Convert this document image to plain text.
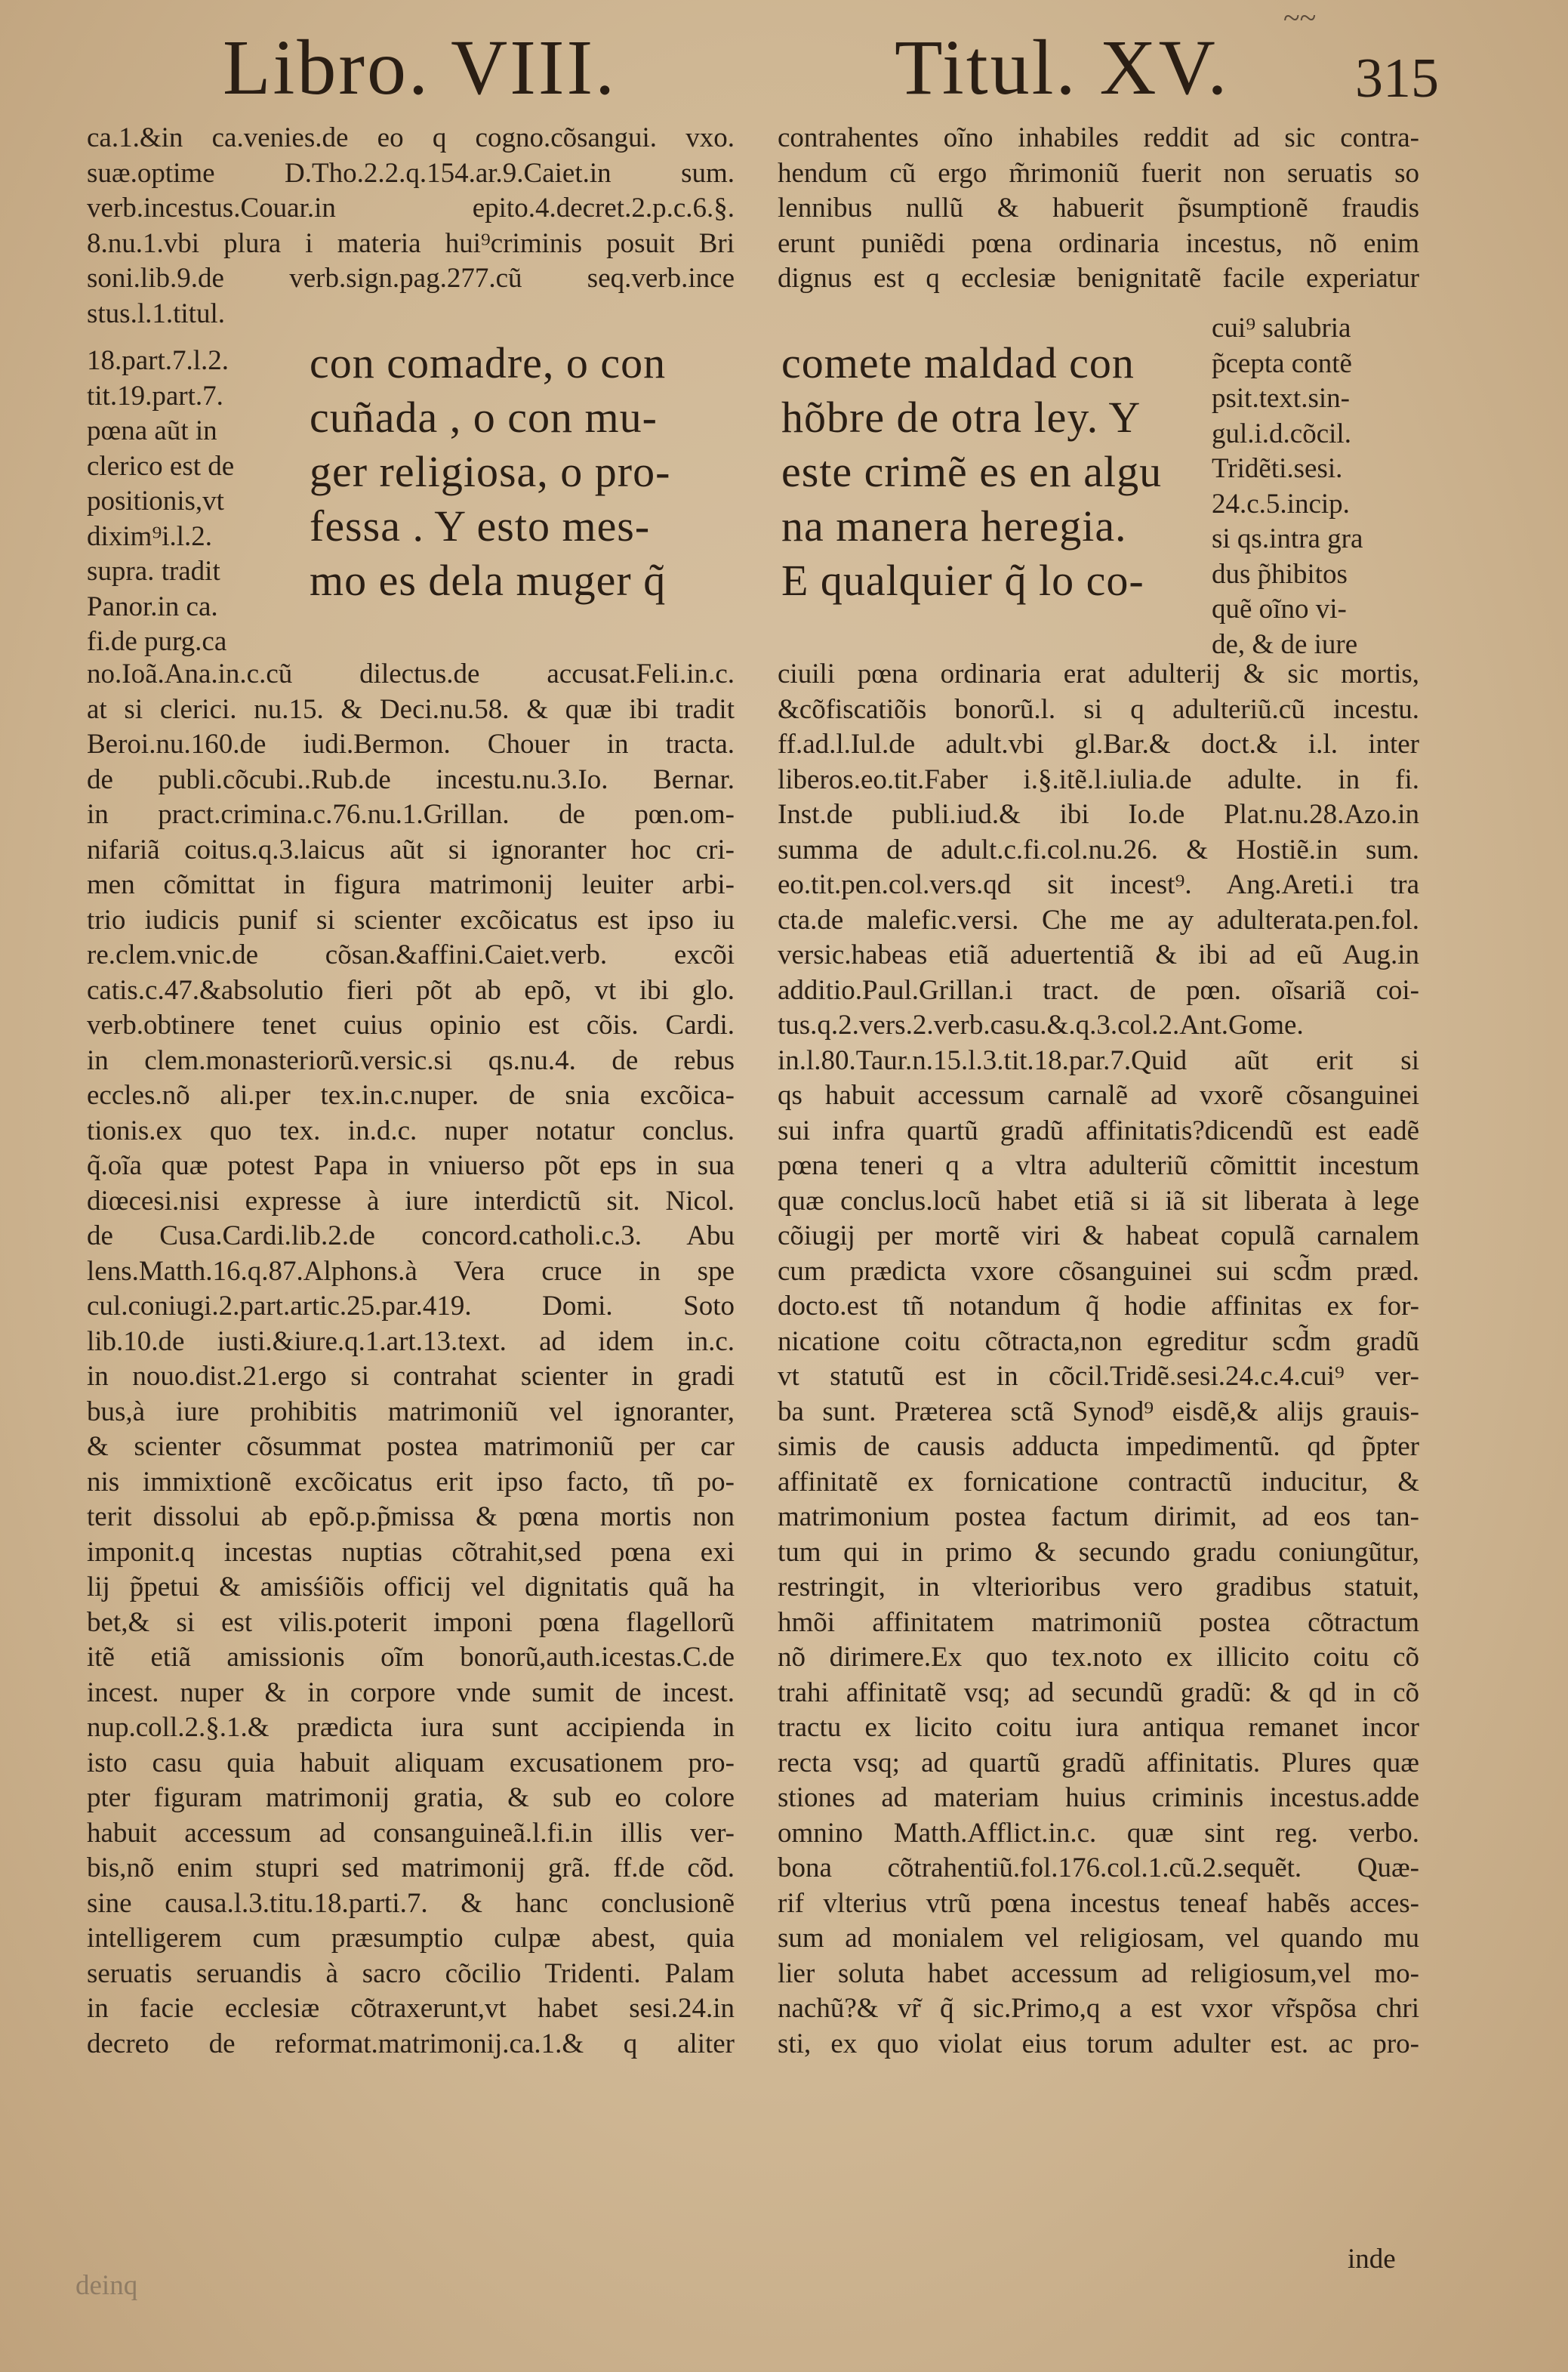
Libro. VIII.	Titul. XV. 315
~~
ca.1.&in ca.venies.de eo q cogno.cõsangui. vxo.
suæ.optime D.Tho.2.2.q.154.ar.9.Caiet.in sum.
verb.incestus.Couar.in epito.4.decret.2.p.c.6.§.
8.nu.1.vbi plura i materia hui⁹criminis posuit Bri
soni.lib.9.de verb.sign.pag.277.cũ seq.verb.ince
stus.l.1.titul.
18.part.7.l.2.
tit.19.part.7.
pœna aũt in
clerico est de
positionis,vt
dixim⁹i.l.2.
supra. tradit
Panor.in ca.
fi.de purg.ca
con comadre, o con
cuñada , o con mu-
ger religiosa, o pro-
fessa . Y esto mes-
mo es dela muger q̃
no.Ioã.Ana.in.c.cũ dilectus.de accusat.Feli.in.c.
at si clerici. nu.15. & Deci.nu.58. & quæ ibi tradit
Beroi.nu.160.de iudi.Bermon. Chouer in tracta.
de publi.cõcubi..Rub.de incestu.nu.3.Io. Bernar.
in pract.crimina.c.76.nu.1.Grillan. de pœn.om-
nifariã coitus.q.3.laicus aũt si ignoranter hoc cri-
men cõmittat in figura matrimonij leuiter arbi-
trio iudicis punif si scienter excõicatus est ipso iu
re.clem.vnic.de cõsan.&affini.Caiet.verb. excõi
catis.c.47.&absolutio fieri põt ab epõ, vt ibi glo.
verb.obtinere tenet cuius opinio est cõis. Cardi.
in clem.monasteriorũ.versic.si qs.nu.4. de rebus
eccles.nõ ali.per tex.in.c.nuper. de snia excõica-
tionis.ex quo tex. in.d.c. nuper notatur conclus.
q̃.oĩa quæ potest Papa in vniuerso põt eps in sua
diœcesi.nisi expresse à iure interdictũ sit. Nicol.
de Cusa.Cardi.lib.2.de concord.catholi.c.3. Abu
lens.Matth.16.q.87.Alphons.à Vera cruce in spe
cul.coniugi.2.part.artic.25.par.419. Domi. Soto
lib.10.de iusti.&iure.q.1.art.13.text. ad idem in.c.
in nouo.dist.21.ergo si contrahat scienter in gradi
bus,à iure prohibitis matrimoniũ vel ignoranter,
& scienter cõsummat postea matrimoniũ per car
nis immixtionẽ excõicatus erit ipso facto, tñ po-
terit dissolui ab epõ.p.p̃missa & pœna mortis non
imponit.q incestas nuptias cõtrahit,sed pœna exi
lij p̃petui & amisśiõis officij vel dignitatis quã ha
bet,& si est vilis.poterit imponi pœna flagellorũ
itẽ etiã amissionis oĩm bonorũ,auth.icestas.C.de
incest. nuper & in corpore vnde sumit de incest.
nup.coll.2.§.1.& prædicta iura sunt accipienda in
isto casu quia habuit aliquam excusationem pro-
pter figuram matrimonij gratia, & sub eo colore
habuit accessum ad consanguineã.l.fi.in illis ver-
bis,nõ enim stupri sed matrimonij grã. ff.de cõd.
sine causa.l.3.titu.18.parti.7. & hanc conclusionẽ
intelligerem cum præsumptio culpæ abest, quia
seruatis seruandis à sacro cõcilio Tridenti. Palam
in facie ecclesiæ cõtraxerunt,vt habet sesi.24.in
decreto de reformat.matrimonij.ca.1.& q aliter
contrahentes oĩno inhabiles reddit ad sic contra-
hendum cũ ergo m̃rimoniũ fuerit non seruatis so
lennibus nullũ & habuerit p̃sumptionẽ fraudis
erunt puniẽdi pœna ordinaria incestus, nõ enim
dignus est q ecclesiæ benignitatẽ facile experiatur
comete maldad con
hõbre de otra ley. Y
este crimẽ es en algu
na manera heregia.
E qualquier q̃ lo co-
cui⁹ salubria
p̃cepta contẽ
psit.text.sin-
gul.i.d.cõcil.
Tridẽti.sesi.
24.c.5.incip.
si qs.intra gra
dus p̃hibitos
quẽ oĩno vi-
de, & de iure
ciuili pœna ordinaria erat adulterij & sic mortis,
&cõfiscatiõis bonorũ.l. si q adulteriũ.cũ incestu.
ff.ad.l.Iul.de adult.vbi gl.Bar.& doct.& i.l. inter
liberos.eo.tit.Faber i.§.itẽ.l.iulia.de adulte. in fi.
Inst.de publi.iud.& ibi Io.de Plat.nu.28.Azo.in
summa de adult.c.fi.col.nu.26. & Hostiẽ.in sum.
eo.tit.pen.col.vers.qd sit incest⁹. Ang.Areti.i tra
cta.de malefic.versi. Che me ay adulterata.pen.fol.
versic.habeas etiã aduertentiã & ibi ad eũ Aug.in
additio.Paul.Grillan.i tract. de pœn. oĩsariã coi-
tus.q.2.vers.2.verb.casu.&.q.3.col.2.Ant.Gome.
in.l.80.Taur.n.15.l.3.tit.18.par.7.Quid aũt erit si
qs habuit accessum carnalẽ ad vxorẽ cõsanguinei
sui infra quartũ gradũ affinitatis?dicendũ est eadẽ
pœna teneri q a vltra adulteriũ cõmittit incestum
quæ conclus.locũ habet etiã si iã sit liberata à lege
cõiugij per mortẽ viri & habeat copulã carnalem
cum prædicta vxore cõsanguinei sui scd̃m præd.
docto.est tñ notandum q̃ hodie affinitas ex for-
nicatione coitu cõtracta,non egreditur scd̃m gradũ
vt statutũ est in cõcil.Tridẽ.sesi.24.c.4.cui⁹ ver-
ba sunt. Præterea sctã Synod⁹ eisdẽ,& alijs grauis-
simis de causis adducta impedimentũ. qd p̃pter
affinitatẽ ex fornicatione contractũ inducitur, &
matrimonium postea factum dirimit, ad eos tan-
tum qui in primo & secundo gradu coniungũtur,
restringit, in vlterioribus vero gradibus statuit,
hmõi affinitatem matrimoniũ postea cõtractum
nõ dirimere.Ex quo tex.noto ex illicito coitu cõ
trahi affinitatẽ vsq; ad secundũ gradũ: & qd in cõ
tractu ex licito coitu iura antiqua remanet incor
recta vsq; ad quartũ gradũ affinitatis. Plures quæ
stiones ad materiam huius criminis incestus.adde
omnino Matth.Afflict.in.c. quæ sint reg. verbo.
bona cõtrahentiũ.fol.176.col.1.cũ.2.sequẽt. Quæ-
rif vlterius vtrũ pœna incestus teneaf habẽs acces-
sum ad monialem vel religiosam, vel quando mu
lier soluta habet accessum ad religiosum,vel mo-
nachũ?& vr̃ q̃ sic.Primo,q a est vxor vr̃spõsa chri
sti, ex quo violat eius torum adulter est. ac pro-
inde
deinq
